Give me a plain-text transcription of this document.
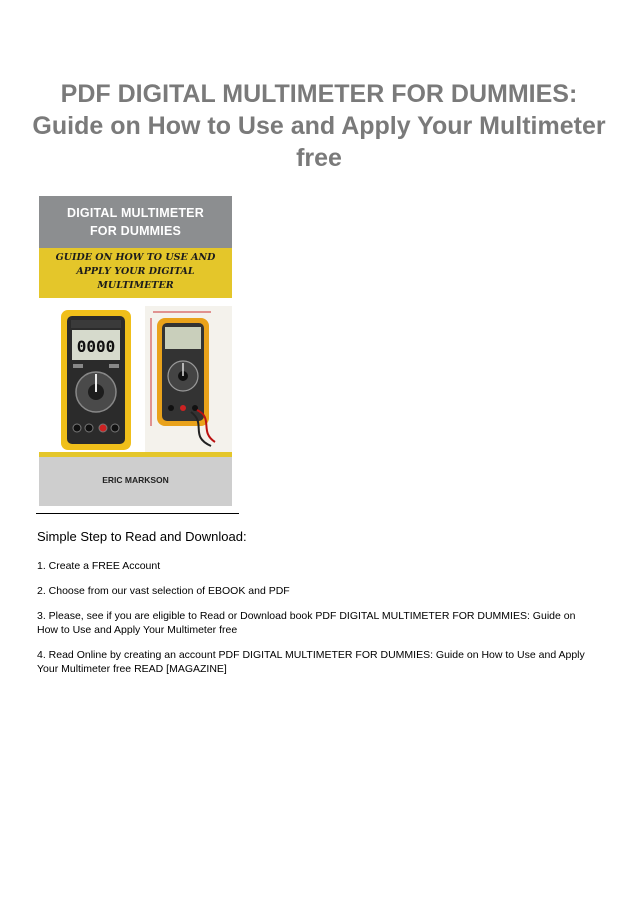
PDF DIGITAL MULTIMETER FOR DUMMIES: Guide on How to Use and Apply Your Multimeter free
DIGITAL MULTIMETER
FOR DUMMIES
GUIDE ON HOW TO USE AND
APPLY YOUR DIGITAL
MULTIMETER
0000
ERIC MARKSON
Simple Step to Read and Download:
1. Create a FREE Account
2. Choose from our vast selection of EBOOK and PDF
3. Please, see if you are eligible to Read or Download book PDF DIGITAL MULTIMETER FOR DUMMIES: Guide on How to Use and Apply Your Multimeter free
4. Read Online by creating an account PDF DIGITAL MULTIMETER FOR DUMMIES: Guide on How to Use and Apply Your Multimeter free READ [MAGAZINE]
